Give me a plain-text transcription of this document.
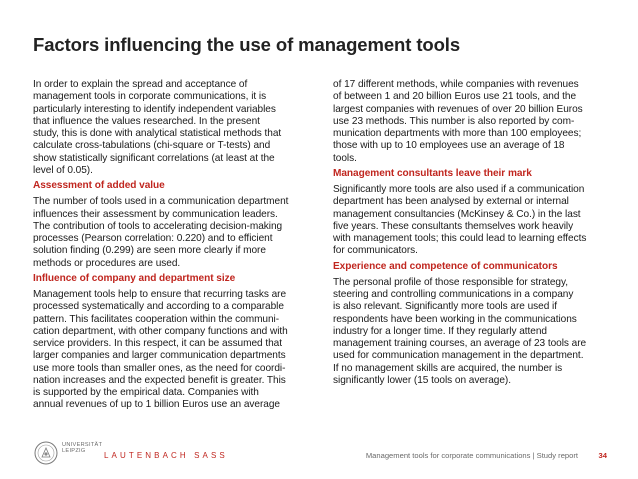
Factors influencing the use of management tools
In order to explain the spread and acceptance of
management tools in corporate communications, it is
particularly interesting to identify independent variables
that influence the values researched. In the present
study, this is done with analytical statistical methods that
calculate cross-tabulations (chi-square or T-tests) and
show statistically significant correlations (at least at the
level of 0.05).
Assessment of added value
The number of tools used in a communication department
influences their assessment by communication leaders.
The contribution of tools to accelerating decision-making
processes (Pearson correlation: 0.220) and to efficient
solution finding (0.299) are seen more clearly if more
methods or procedures are used.
Influence of company and department size
Management tools help to ensure that recurring tasks are
processed systematically and according to a comparable
pattern. This facilitates cooperation within the communi-
cation department, with other company functions and with
service providers. In this respect, it can be assumed that
larger companies and larger communication departments
use more tools than smaller ones, as the need for coordi-
nation increases and the expected benefit is greater. This
is supported by the empirical data. Companies with
annual revenues of up to 1 billion Euros use an average
of 17 different methods, while companies with revenues
of between 1 and 20 billion Euros use 21 tools, and the
largest companies with revenues of over 20 billion Euros
use 23 methods. This number is also reported by com-
munication departments with more than 100 employees;
those with up to 10 employees use an average of 18
tools.
Management consultants leave their mark
Significantly more tools are also used if a communication
department has been analysed by external or internal
management consultancies (McKinsey & Co.) in the last
five years. These consultants themselves work heavily
with management tools; this could lead to learning effects
for communicators.
Experience and competence of communicators
The personal profile of those responsible for strategy,
steering and controlling communications in a company
is also relevant. Significantly more tools are used if
respondents have been working in the communications
industry for a longer time. If they regularly attend
management training courses, an average of 23 tools are
used for communication management in the department.
If no management skills are acquired, the number is
significantly lower (15 tools on average).
UNIVERSITÄT
LEIPZIG	LAUTENBACH SASS	Management tools for corporate communications | Study report	34
